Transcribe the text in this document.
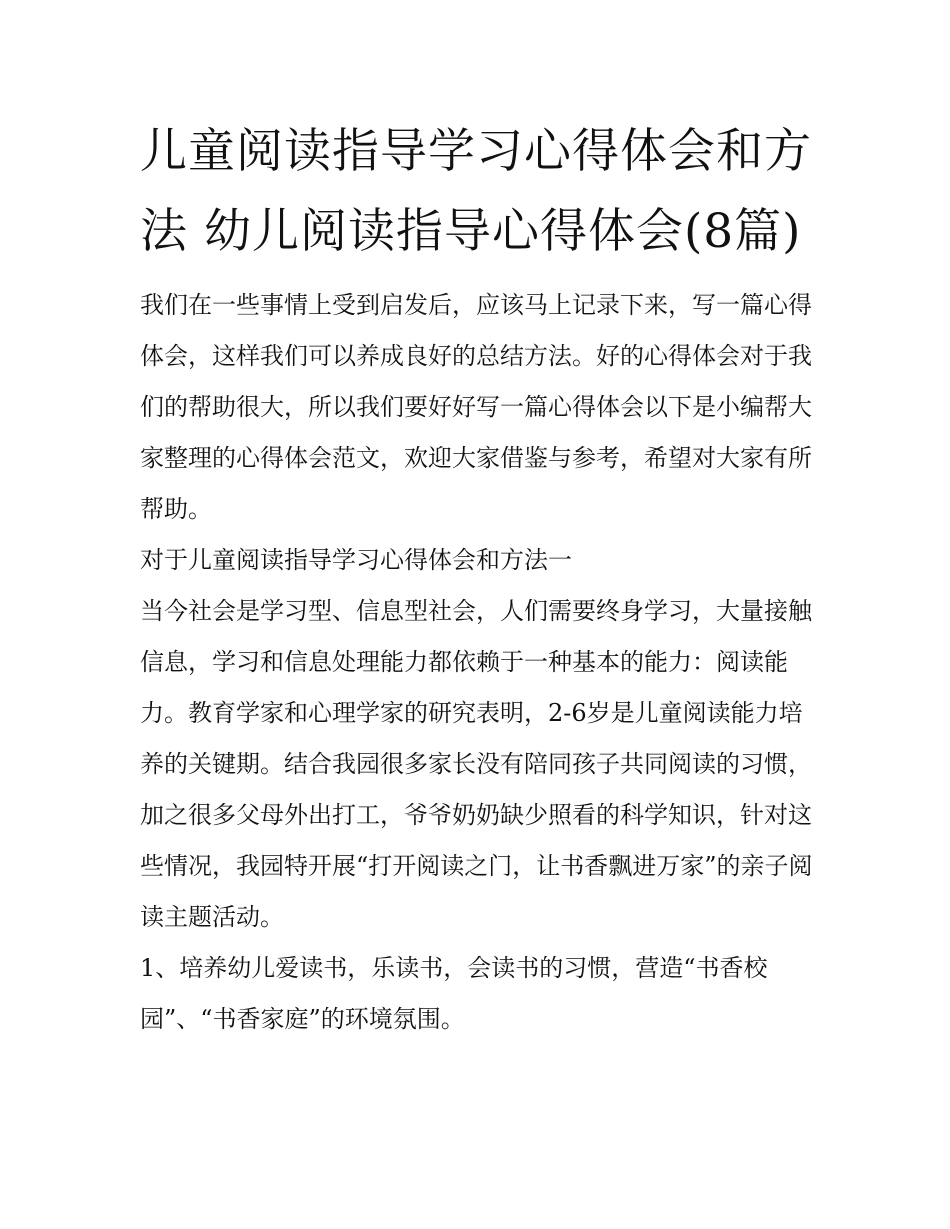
儿童阅读指导学习心得体会和方法 幼儿阅读指导心得体会(8篇)

我们在一些事情上受到启发后，应该马上记录下来，写一篇心得体会，这样我们可以养成良好的总结方法。好的心得体会对于我们的帮助很大，所以我们要好好写一篇心得体会以下是小编帮大家整理的心得体会范文，欢迎大家借鉴与参考，希望对大家有所帮助。

对于儿童阅读指导学习心得体会和方法一

当今社会是学习型、信息型社会，人们需要终身学习，大量接触信息，学习和信息处理能力都依赖于一种基本的能力：阅读能力。教育学家和心理学家的研究表明，2-6岁是儿童阅读能力培养的关键期。结合我园很多家长没有陪同孩子共同阅读的习惯，加之很多父母外出打工，爷爷奶奶缺少照看的科学知识，针对这些情况，我园特开展“打开阅读之门，让书香飘进万家”的亲子阅读主题活动。

1、培养幼儿爱读书，乐读书，会读书的习惯，营造“书香校园”、“书香家庭”的环境氛围。
